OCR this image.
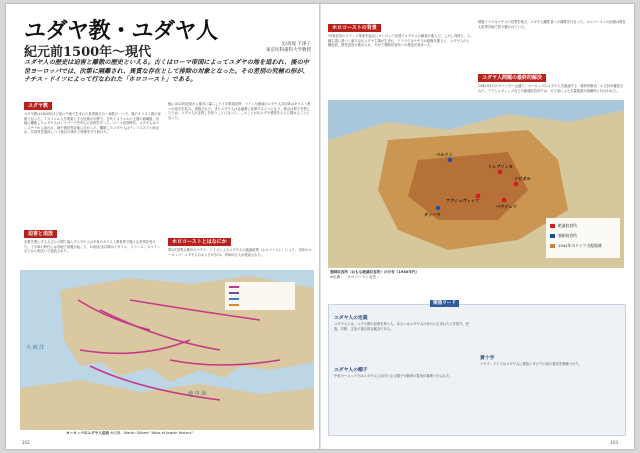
ユダヤ教・ユダヤ人
紀元前1500年～現代
文/高尾 千津子
東京医科歯科大学教授
ユダヤ人の歴史は迫害と離散の歴史といえる。古くはローマ帝国によってユダヤの地を追われ、後の中世ヨーロッパでは、次第に隔離され、異質な存在として排除の対象となった。その差別の究極の形が、ナチス・ドイツによって行なわれた「ホロコースト」である。
ユダヤ教
ユダヤ教は3500年ほど前に中東で生まれた世界最古の一神教の一つで、後のキリスト教の母胎となった。イスラエル人を要素とする民族の宗教で、古代イスラエルの王国の崩壊後、各地に離散したユダヤ人はシナゴーグを中心に信仰を守った。ローマ帝国時代、ユダヤ人はパレスチナから追われ、地中海世界各地に広がった。離散したユダヤ人はディアスポラと呼ばれ、共同体を維持しつつ独自の律法と戒律を守り続けた。
迫害と追放
宗教を異にする人びとの間で暮らすユダヤ人は中世のキリスト教世界で様々な差別を受けた。十字軍の時代には各地で虐殺が起こり、13世紀末以降はイギリス、フランス、スペインなどから相次いで追放された。
後には12世紀頃から都市に暮らした十字軍遠征時、ライン川流域のユダヤ人共同体はキリスト教への改宗を拒み、虐殺された。またユダヤ人は金融業に従事するようになり、教会は利子を禁じたため、ユダヤ人が金貸しを担うことになった。このことが反ユダヤ感情をさらに強めることになった。
ホロコーストとはなにか
第2次世界大戦中のナチス・ドイツによるユダヤ人の絶滅政策（ホロコースト）により、当時のヨーロッパ・ユダヤ人のおよそ3分の2、約600万人が殺害された。
大 西 洋
地 中 海
ヨーロッパのユダヤ人追放 ※出典：Martin Gilbert "Atlas of Jewish History"
102
ホロコーストの背景
19世紀末のフランス革命を起点にヨーロッパ各国でユダヤ人の解放が進んだ。しかし同時に、人種主義に基づく新たな反ユダヤ主義が生まれ、ドイツではナチスが政権を握ると、ユダヤ人の公職追放、財産没収が進められ、やがて強制収容所への移送が始まった。
戦後ドイツはナチスの犯罪を裁き、ユダヤ人犠牲者への補償を行なった。ホロコーストの記憶は現在も世界各地で語り継がれている。
ユダヤ人問題の最終的解決
1942年1月のヴァンゼー会議で、ヨーロッパのユダヤ人を絶滅する「最終的解決」の方針が確認された。アウシュヴィッツなどの絶滅収容所では、ガス室による大量殺害が組織的に行なわれた。
アウシュヴィッツ
トレブリンカ
ベウジェツ
ダッハウ
ベルリン
ソビボル
絶滅収容所
強制収容所
1942年のドイツ支配地域
強制収容所（おもな絶滅収容所）の分布（1940年代）
※出典：「ホロコースト全史」
関係ワード
ユダヤ人の定義
ユダヤ人とは、ユダヤ教の信仰を持つ人、あるいはユダヤ人の母から生まれた人を指す。民族、宗教、文化の複合的な概念である。
ユダヤ人の帽子
中世ヨーロッパではユダヤ人に目印となる帽子や徽章の着用が義務づけられた。
黄十字
ナチス・ドイツはユダヤ人に黄色いダビデの星の着用を義務づけた。
103
